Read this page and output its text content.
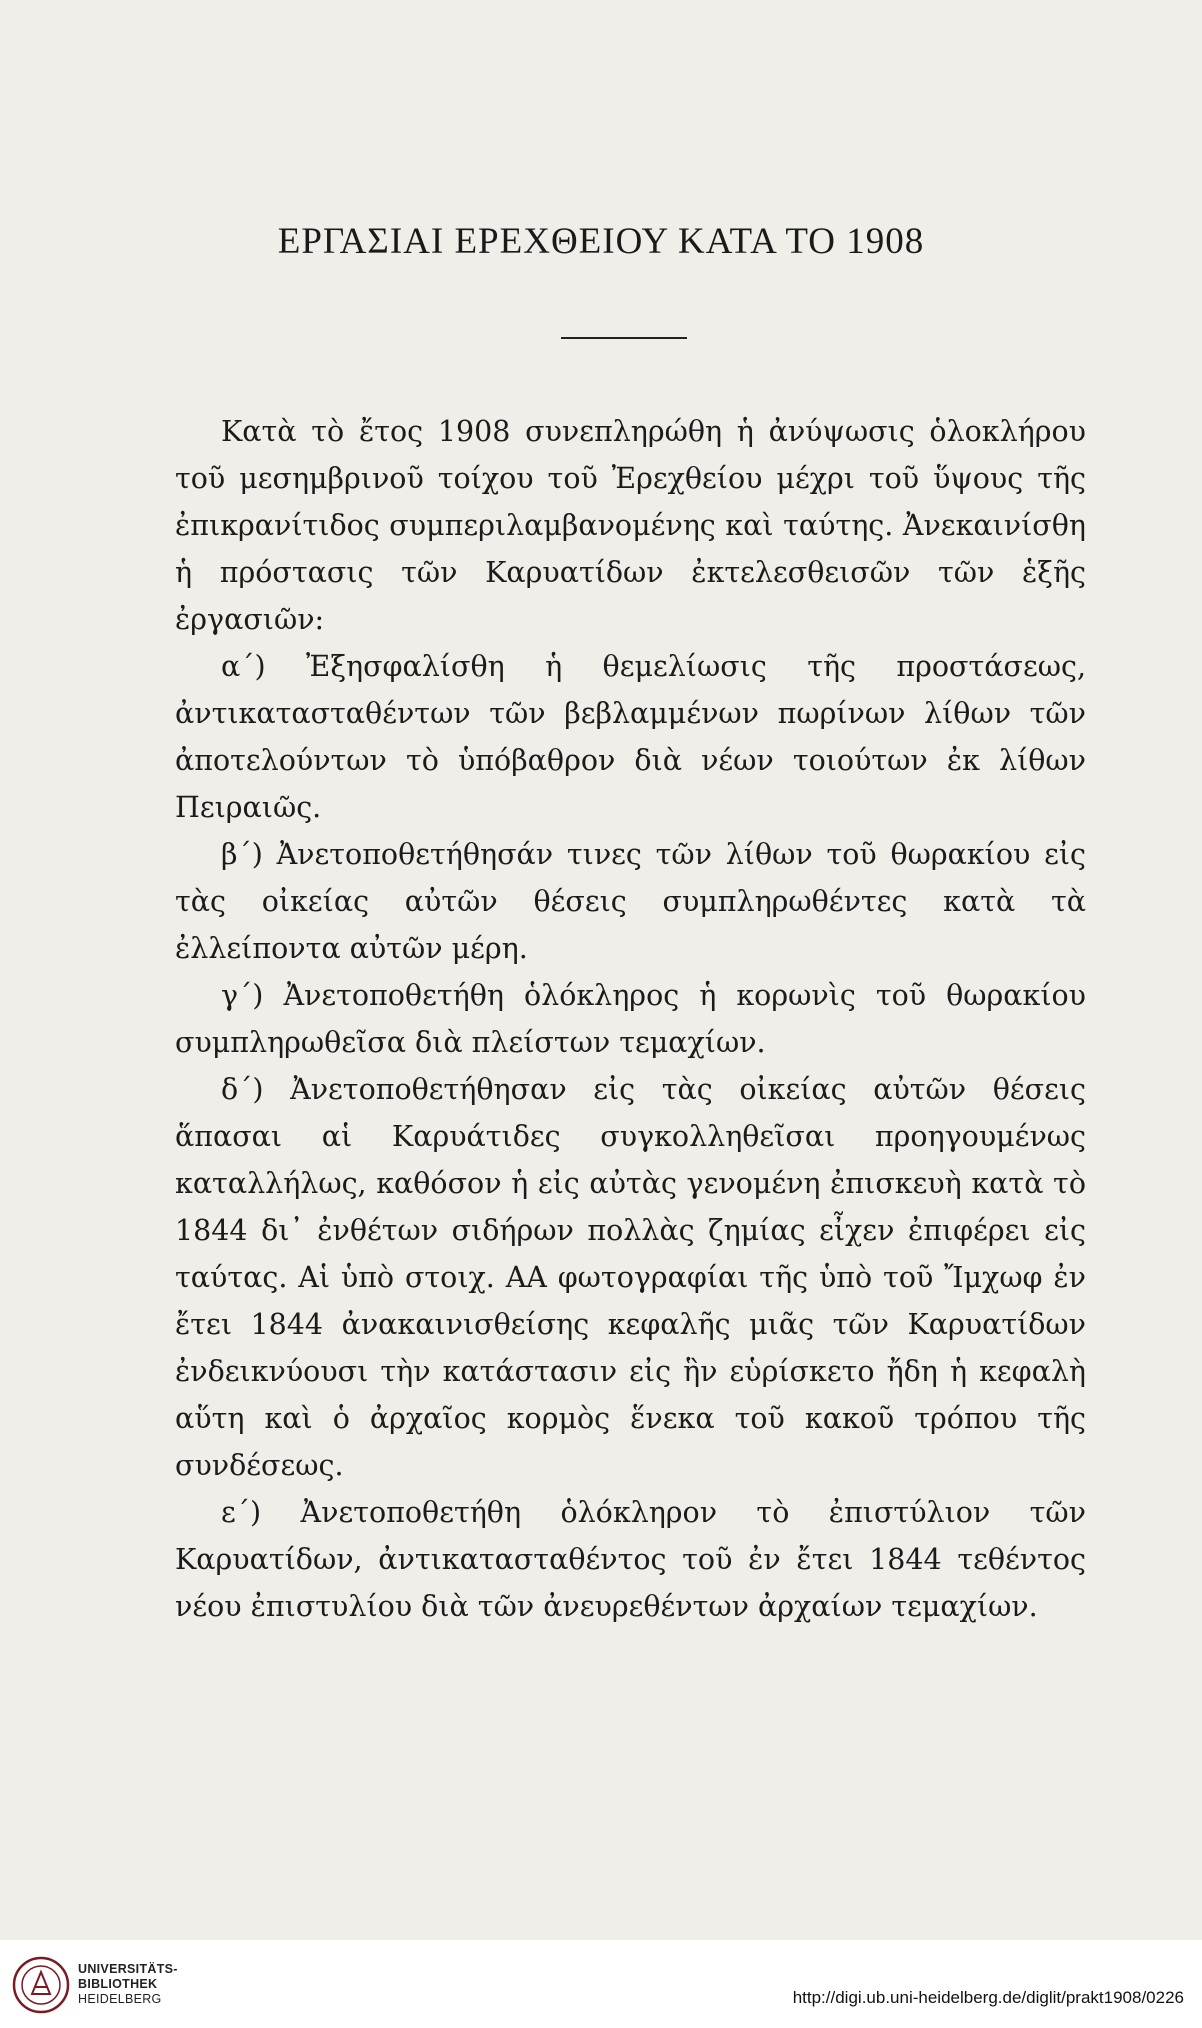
ΕΡΓΑΣΙΑΙ ΕΡΕΧΘΕΙΟΥ ΚΑΤΑ ΤΟ 1908

Κατὰ τὸ ἔτος 1908 συνεπληρώθη ἡ ἀνύψωσις ὁλοκλήρου τοῦ μεσημβρινοῦ τοίχου τοῦ Ἐρεχθείου μέχρι τοῦ ὕψους τῆς ἐπικρανίτιδος συμπεριλαμβανομένης καὶ ταύτης. Ἀνεκαινίσθη ἡ πρόστασις τῶν Καρυατίδων ἐκτελεσθεισῶν τῶν ἑξῆς ἐργασιῶν:

α΄) Ἐξησφαλίσθη ἡ θεμελίωσις τῆς προστάσεως, ἀντικατασταθέντων τῶν βεβλαμμένων πωρίνων λίθων τῶν ἀποτελούντων τὸ ὑπόβαθρον διὰ νέων τοιούτων ἐκ λίθων Πειραιῶς.

β΄) Ἀνετοποθετήθησάν τινες τῶν λίθων τοῦ θωρακίου εἰς τὰς οἰκείας αὐτῶν θέσεις συμπληρωθέντες κατὰ τὰ ἐλλείποντα αὐτῶν μέρη.

γ΄) Ἀνετοποθετήθη ὁλόκληρος ἡ κορωνὶς τοῦ θωρακίου συμπληρωθεῖσα διὰ πλείστων τεμαχίων.

δ΄) Ἀνετοποθετήθησαν εἰς τὰς οἰκείας αὐτῶν θέσεις ἅπασαι αἱ Καρυάτιδες συγκολληθεῖσαι προηγουμένως καταλλήλως, καθόσον ἡ εἰς αὐτὰς γενομένη ἐπισκευὴ κατὰ τὸ 1844 δι᾽ ἐνθέτων σιδήρων πολλὰς ζημίας εἶχεν ἐπιφέρει εἰς ταύτας. Αἱ ὑπὸ στοιχ. ΑΑ φωτογραφίαι τῆς ὑπὸ τοῦ Ἴμχωφ ἐν ἔτει 1844 ἀνακαινισθείσης κεφαλῆς μιᾶς τῶν Καρυατίδων ἐνδεικνύουσι τὴν κατάστασιν εἰς ἣν εὑρίσκετο ἤδη ἡ κεφαλὴ αὕτη καὶ ὁ ἀρχαῖος κορμὸς ἕνεκα τοῦ κακοῦ τρόπου τῆς συνδέσεως.

ε΄) Ἀνετοποθετήθη ὁλόκληρον τὸ ἐπιστύλιον τῶν Καρυατίδων, ἀντικατασταθέντος τοῦ ἐν ἔτει 1844 τεθέντος νέου ἐπιστυλίου διὰ τῶν ἀνευρεθέντων ἀρχαίων τεμαχίων.

UNIVERSITÄTS-
BIBLIOTHEK
HEIDELBERG	http://digi.ub.uni-heidelberg.de/diglit/prakt1908/0226
